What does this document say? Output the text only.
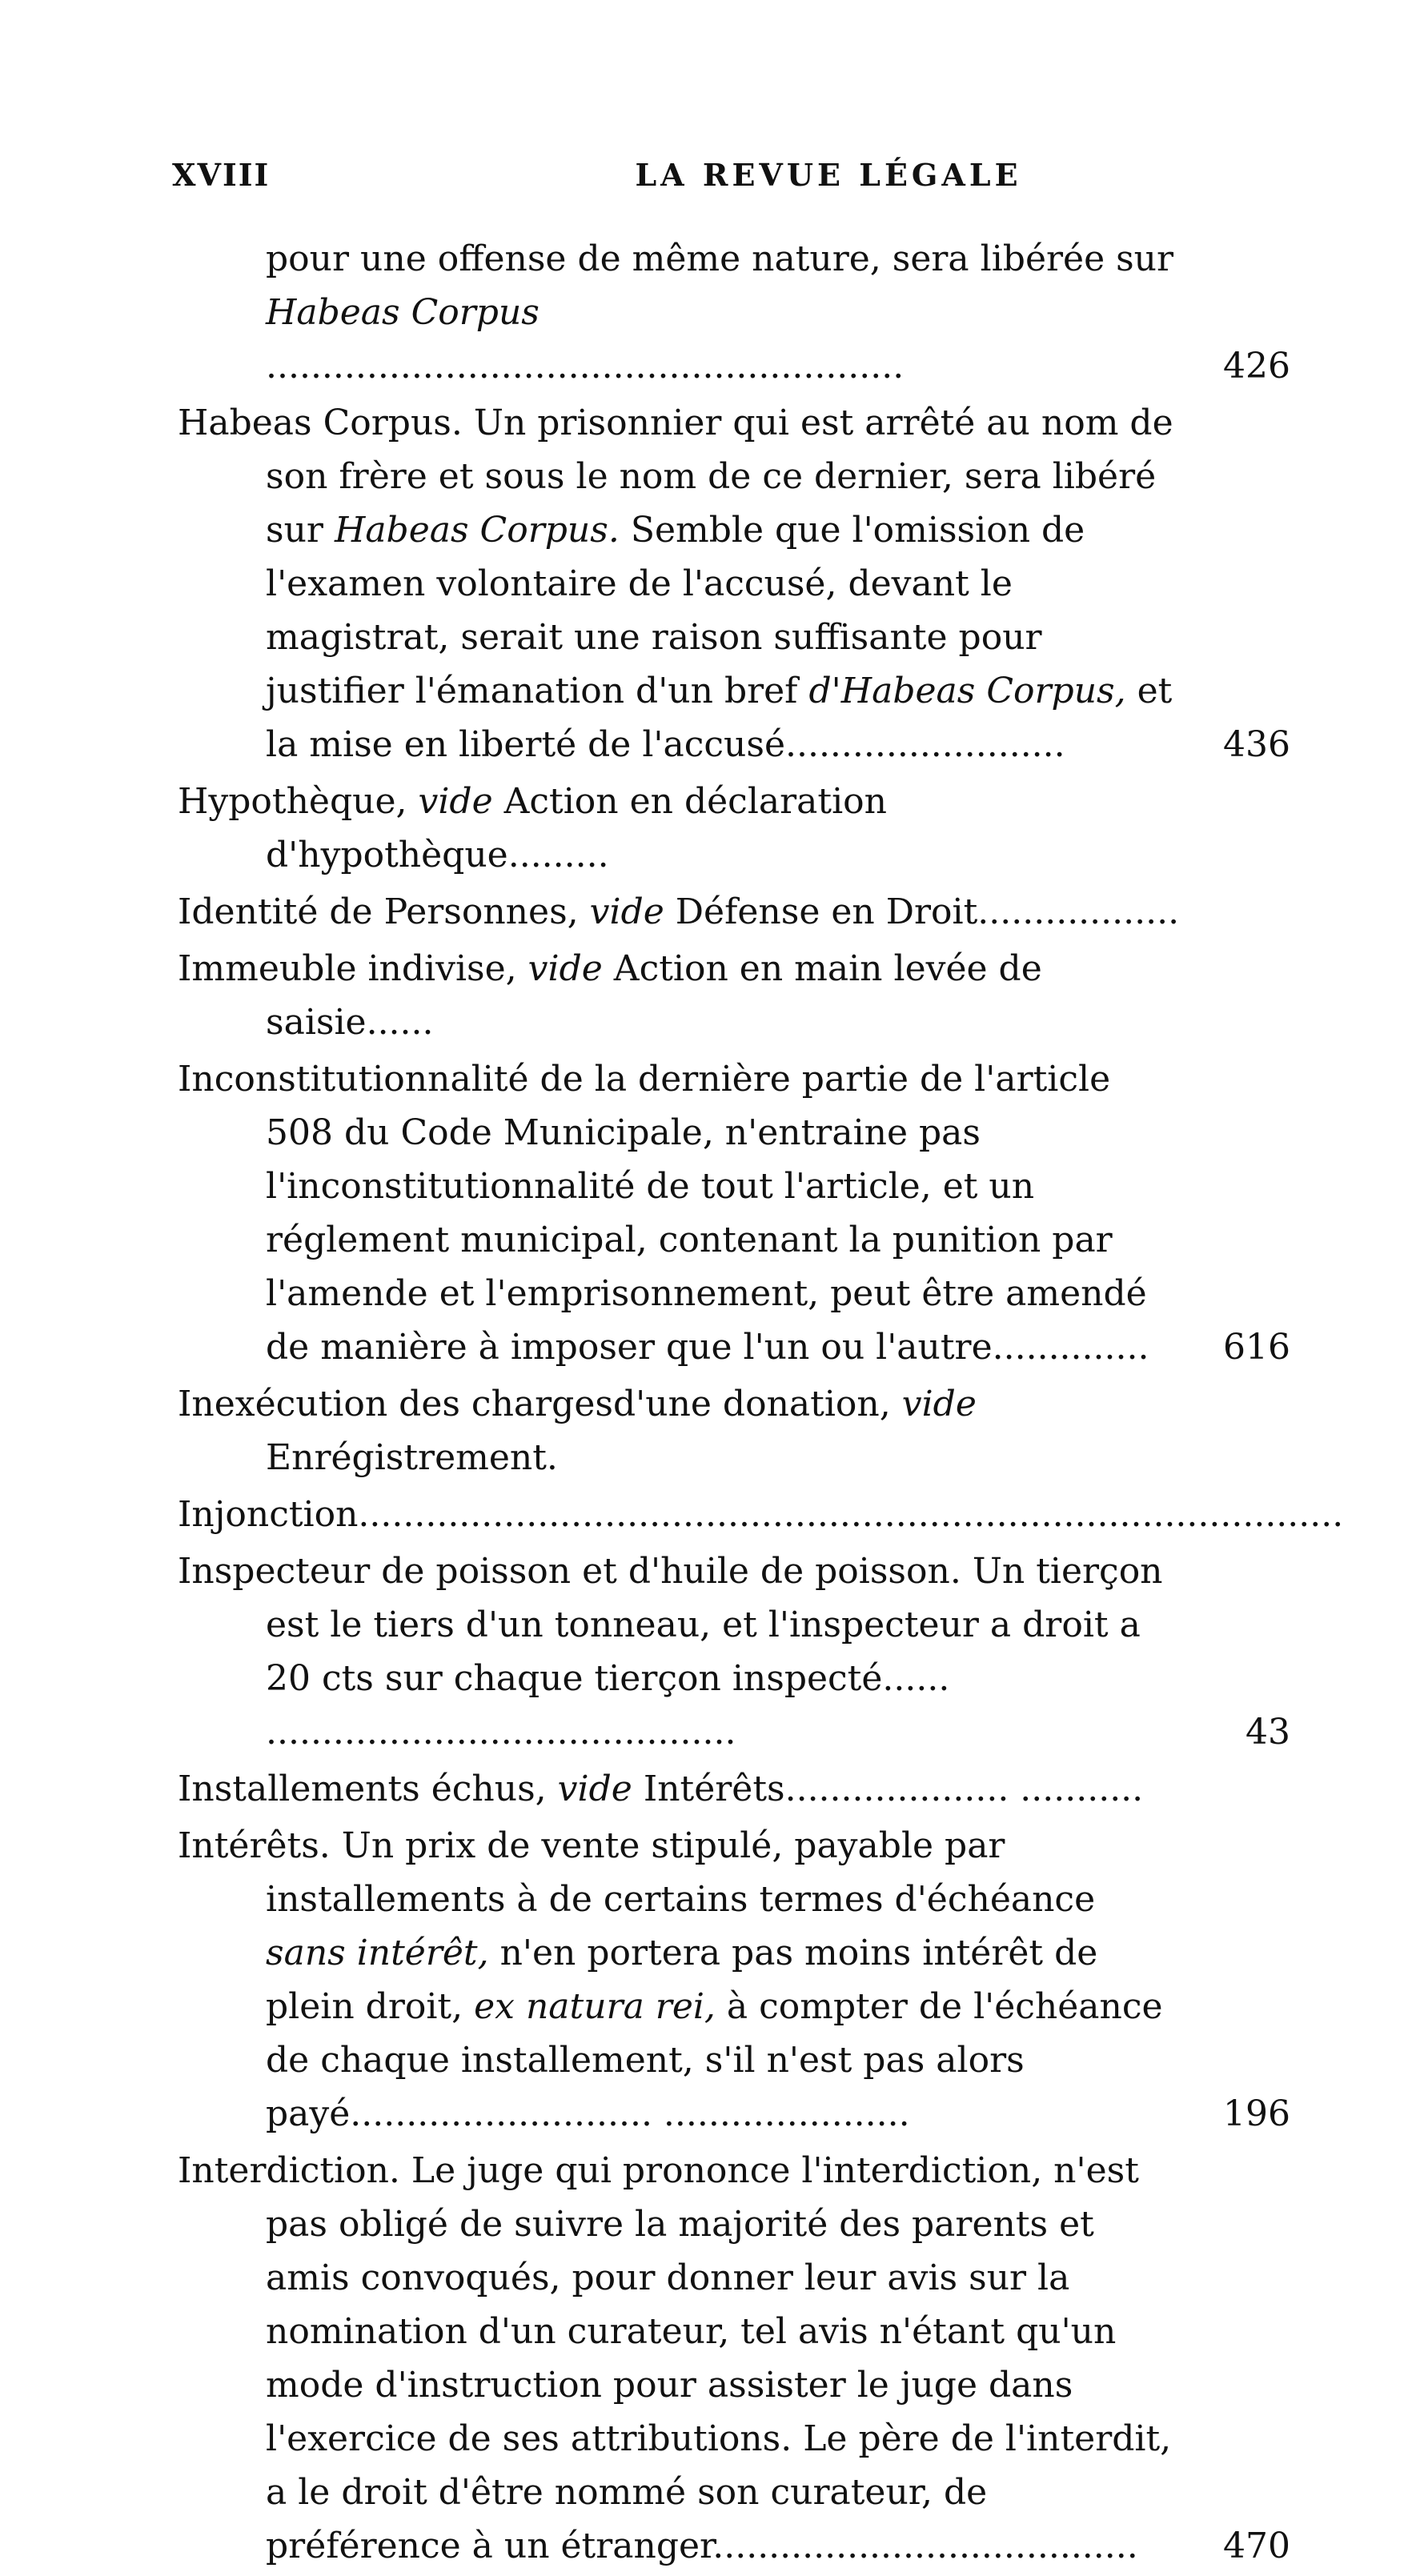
XVIII	LA REVUE LÉGALE
pour une offense de même nature, sera libérée sur Habeas Corpus .........................................................	426
Habeas Corpus. Un prisonnier qui est arrêté au nom de son frère et sous le nom de ce dernier, sera libéré sur Habeas Corpus. Semble que l'omission de l'examen volontaire de l'accusé, devant le magistrat, serait une raison suffisante pour justifier l'émanation d'un bref d'Habeas Corpus, et la mise en liberté de l'accusé.........................	436
Hypothèque, vide Action en déclaration d'hypothèque.........
Identité de Personnes, vide Défense en Droit..................
Immeuble indivise, vide Action en main levée de saisie......
Inconstitutionnalité de la dernière partie de l'article 508 du Code Municipale, n'entraine pas l'inconstitutionnalité de tout l'article, et un réglement municipal, contenant la punition par l'amende et l'emprisonnement, peut être amendé de manière à imposer que l'un ou l'autre..............	616
Inexécution des chargesd'une donation, vide Enrégistrement.
Injonction........................................................................................
Inspecteur de poisson et d'huile de poisson. Un tierçon est le tiers d'un tonneau, et l'inspecteur a droit a 20 cts sur chaque tierçon inspecté...... ..........................................	43
Installements échus, vide Intérêts.................... ...........
Intérêts. Un prix de vente stipulé, payable par installements à de certains termes d'échéance sans intérêt, n'en portera pas moins intérêt de plein droit, ex natura rei, à compter de l'échéance de chaque installement, s'il n'est pas alors payé........................... ......................	196
Interdiction. Le juge qui prononce l'interdiction, n'est pas obligé de suivre la majorité des parents et amis convoqués, pour donner leur avis sur la nomination d'un curateur, tel avis n'étant qu'un mode d'instruction pour assister le juge dans l'exercice de ses attributions. Le père de l'interdit, a le droit d'être nommé son curateur, de préférence à un étranger......................................	470
